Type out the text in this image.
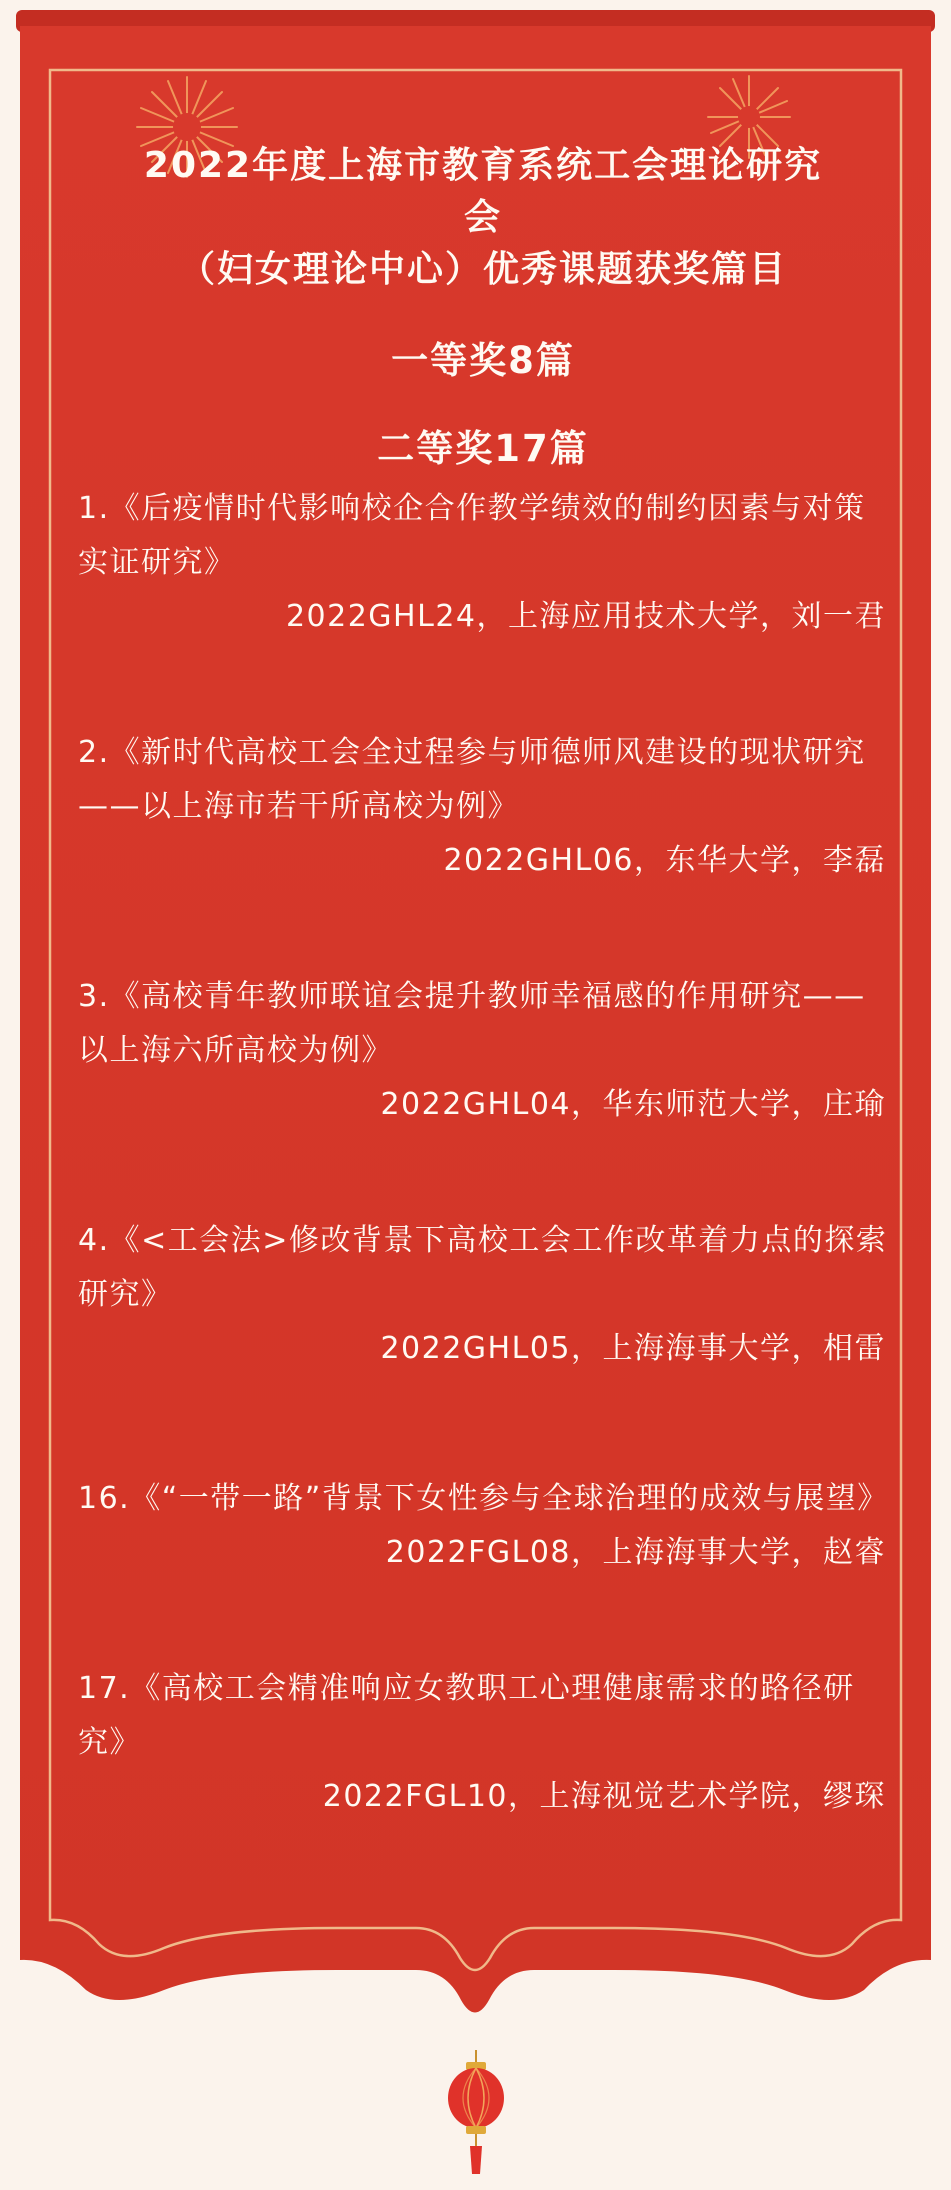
2022年度上海市教育系统工会理论研究
会
（妇女理论中心）优秀课题获奖篇目
一等奖8篇
二等奖17篇
1.《后疫情时代影响校企合作教学绩效的制约因素与对策实证研究》
2022GHL24，上海应用技术大学，刘一君
2.《新时代高校工会全过程参与师德师风建设的现状研究——以上海市若干所高校为例》
2022GHL06，东华大学，李磊
3.《高校青年教师联谊会提升教师幸福感的作用研究——以上海六所高校为例》
2022GHL04，华东师范大学，庄瑜
4.《<工会法>修改背景下高校工会工作改革着力点的探索研究》
2022GHL05，上海海事大学，相雷
16.《“一带一路”背景下女性参与全球治理的成效与展望》
2022FGL08，上海海事大学，赵睿
17.《高校工会精准响应女教职工心理健康需求的路径研究》
2022FGL10，上海视觉艺术学院，缪琛
